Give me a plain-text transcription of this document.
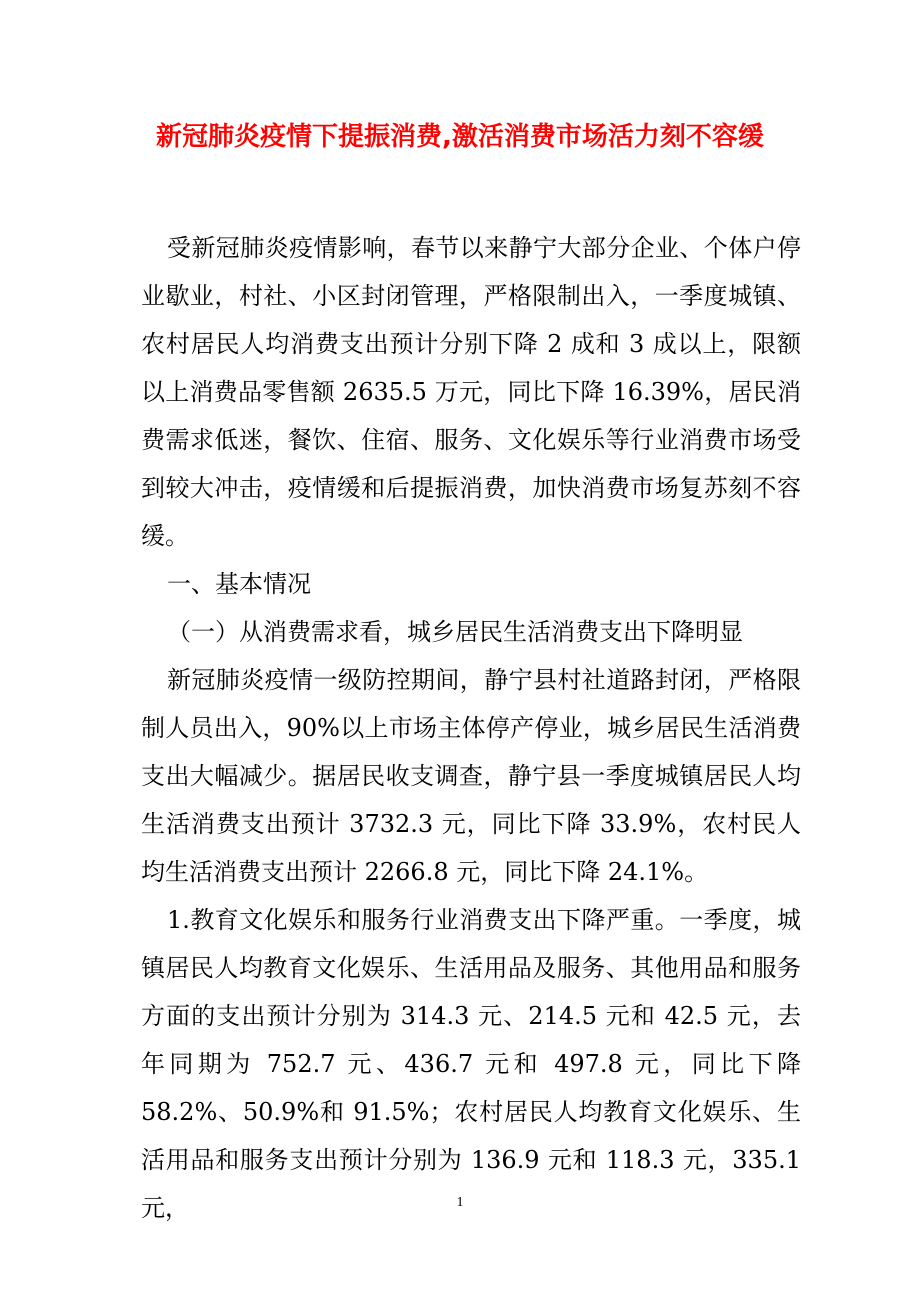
新冠肺炎疫情下提振消费,激活消费市场活力刻不容缓

受新冠肺炎疫情影响，春节以来静宁大部分企业、个体户停业歇业，村社、小区封闭管理，严格限制出入，一季度城镇、农村居民人均消费支出预计分别下降 2 成和 3 成以上，限额以上消费品零售额 2635.5 万元，同比下降 16.39%，居民消费需求低迷，餐饮、住宿、服务、文化娱乐等行业消费市场受到较大冲击，疫情缓和后提振消费，加快消费市场复苏刻不容缓。

一、基本情况

（一）从消费需求看，城乡居民生活消费支出下降明显

新冠肺炎疫情一级防控期间，静宁县村社道路封闭，严格限制人员出入，90%以上市场主体停产停业，城乡居民生活消费支出大幅减少。据居民收支调查，静宁县一季度城镇居民人均生活消费支出预计 3732.3 元，同比下降 33.9%，农村民人均生活消费支出预计 2266.8 元，同比下降 24.1%。

1.教育文化娱乐和服务行业消费支出下降严重。一季度，城镇居民人均教育文化娱乐、生活用品及服务、其他用品和服务方面的支出预计分别为 314.3 元、214.5 元和 42.5 元，去年同期为 752.7 元、436.7 元和 497.8 元，同比下降 58.2%、50.9%和 91.5%；农村居民人均教育文化娱乐、生活用品和服务支出预计分别为 136.9 元和 118.3 元，335.1 元，	1
